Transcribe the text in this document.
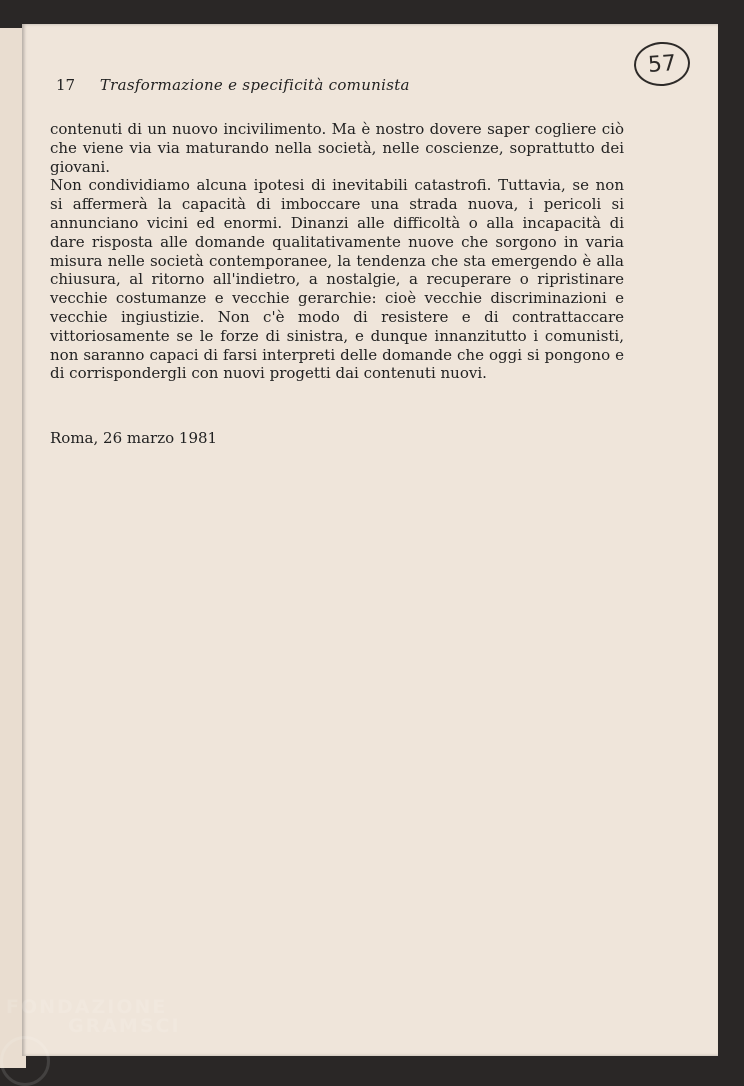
57
17 Trasformazione e specificità comunista

contenuti di un nuovo incivilimento. Ma è nostro dovere saper cogliere ciò che viene via via maturando nella società, nelle coscienze, soprattutto dei giovani.

Non condividiamo alcuna ipotesi di inevitabili catastrofi. Tuttavia, se non si affermerà la capacità di imboccare una strada nuova, i pericoli si annunciano vicini ed enormi. Dinanzi alle difficoltà o alla incapacità di dare risposta alle domande qualitativamente nuove che sorgono in varia misura nelle società contemporanee, la tendenza che sta emergendo è alla chiusura, al ritorno all'indietro, a nostalgie, a recuperare o ripristinare vecchie costumanze e vecchie gerarchie: cioè vecchie discriminazioni e vecchie ingiustizie. Non c'è modo di resistere e di contrattaccare vittoriosamente se le forze di sinistra, e dunque innanzitutto i comunisti, non saranno capaci di farsi interpreti delle domande che oggi si pongono e di corrispondergli con nuovi progetti dai contenuti nuovi.

Roma, 26 marzo 1981
FONDAZIONE
GRAMSCI
